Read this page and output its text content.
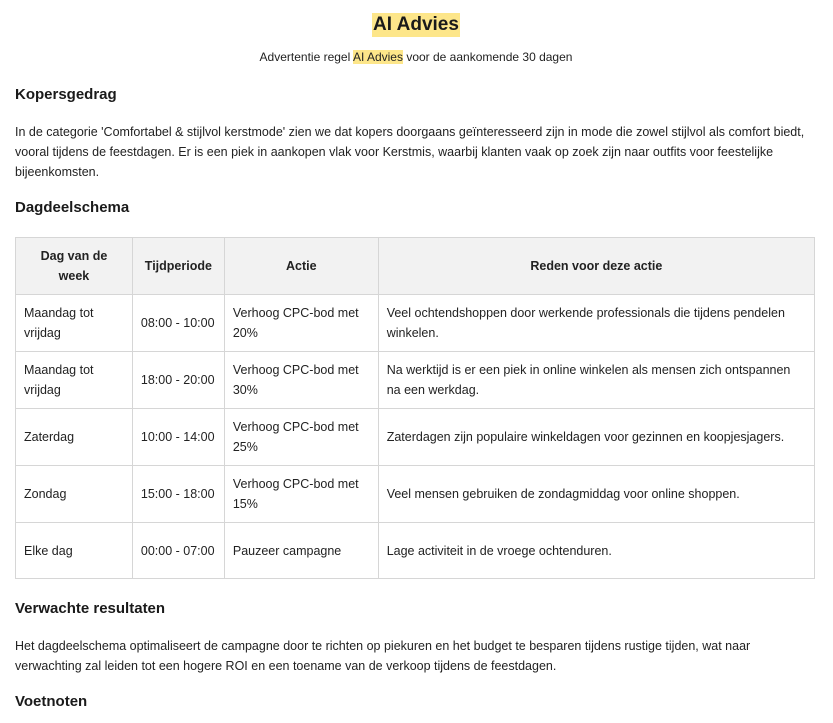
AI Advies
Advertentie regel AI Advies voor de aankomende 30 dagen
Kopersgedrag

In de categorie 'Comfortabel & stijlvol kerstmode' zien we dat kopers doorgaans geïnteresseerd zijn in mode die zowel stijlvol als comfort biedt, vooral tijdens de feestdagen. Er is een piek in aankopen vlak voor Kerstmis, waarbij klanten vaak op zoek zijn naar outfits voor feestelijke bijeenkomsten.

Dagdeelschema
Dag van de week	Tijdperiode	Actie	Reden voor deze actie
Maandag tot vrijdag	08:00 - 10:00	Verhoog CPC-bod met 20%	Veel ochtendshoppen door werkende professionals die tijdens pendelen winkelen.
Maandag tot vrijdag	18:00 - 20:00	Verhoog CPC-bod met 30%	Na werktijd is er een piek in online winkelen als mensen zich ontspannen na een werkdag.
Zaterdag	10:00 - 14:00	Verhoog CPC-bod met 25%	Zaterdagen zijn populaire winkeldagen voor gezinnen en koopjesjagers.
Zondag	15:00 - 18:00	Verhoog CPC-bod met 15%	Veel mensen gebruiken de zondagmiddag voor online shoppen.
Elke dag	00:00 - 07:00	Pauzeer campagne	Lage activiteit in de vroege ochtenduren.
Verwachte resultaten

Het dagdeelschema optimaliseert de campagne door te richten op piekuren en het budget te besparen tijdens rustige tijden, wat naar verwachting zal leiden tot een hogere ROI en een toename van de verkoop tijdens de feestdagen.

Voetnoten
